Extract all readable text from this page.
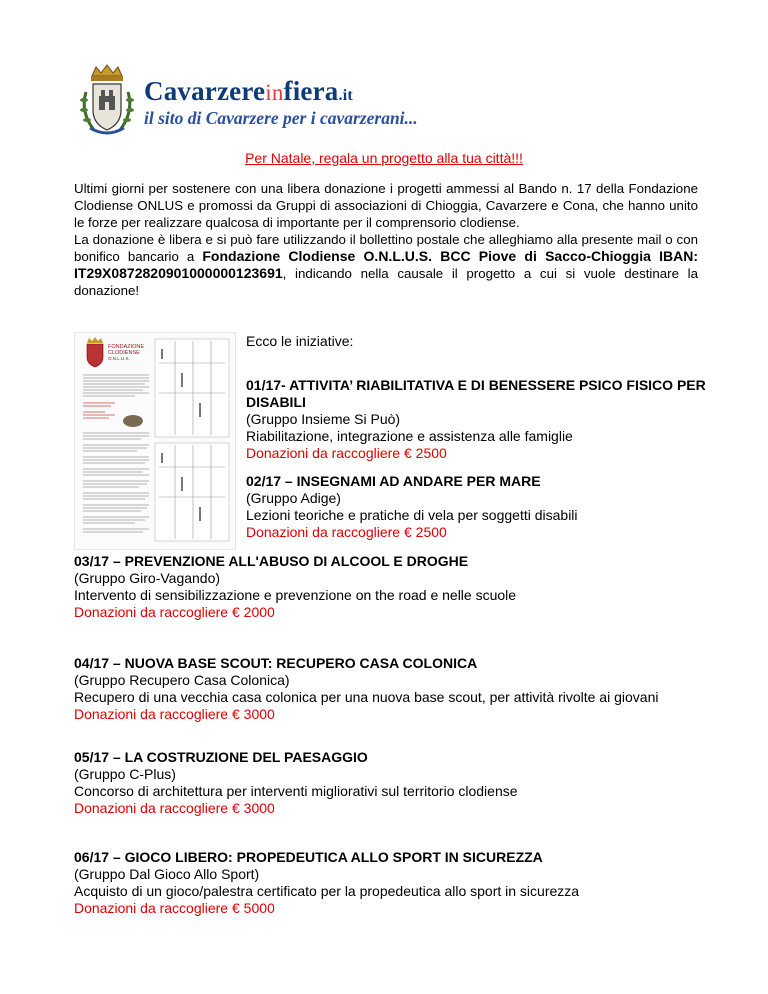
Cavarzereinfiera.it
il sito di Cavarzere per i cavarzerani...
Per Natale, regala un progetto alla tua città!!!

Ultimi giorni per sostenere con una libera donazione i progetti ammessi al Bando n. 17 della Fondazione Clodiense ONLUS e promossi da Gruppi di associazioni di Chioggia, Cavarzere e Cona, che hanno unito le forze per realizzare qualcosa di importante per il comprensorio clodiense.

La donazione è libera e si può fare utilizzando il bollettino postale che alleghiamo alla presente mail o con bonifico bancario a Fondazione Clodiense O.N.L.U.S. BCC Piove di Sacco-Chioggia IBAN: IT29X0872820901000000123691, indicando nella causale il progetto a cui si vuole destinare la donazione!

FONDAZIONE
CLODIENSE
O.N.L.U.S.
Ecco le iniziative:
01/17- ATTIVITA’ RIABILITATIVA E DI BENESSERE PSICO FISICO PER DISABILI
(Gruppo Insieme Si Può)
Riabilitazione, integrazione e assistenza alle famiglie
Donazioni da raccogliere € 2500
02/17 – INSEGNAMI AD ANDARE PER MARE
(Gruppo Adige)
Lezioni teoriche e pratiche di vela per soggetti disabili
Donazioni da raccogliere € 2500
03/17 – PREVENZIONE ALL'ABUSO DI ALCOOL E DROGHE
(Gruppo Giro-Vagando)
Intervento di sensibilizzazione e prevenzione on the road e nelle scuole
Donazioni da raccogliere € 2000
04/17 – NUOVA BASE SCOUT: RECUPERO CASA COLONICA
(Gruppo Recupero Casa Colonica)
Recupero di una vecchia casa colonica per una nuova base scout, per attività rivolte ai giovani
Donazioni da raccogliere € 3000
05/17 – LA COSTRUZIONE DEL PAESAGGIO
(Gruppo C-Plus)
Concorso di architettura per interventi migliorativi sul territorio clodiense
Donazioni da raccogliere € 3000
06/17 – GIOCO LIBERO: PROPEDEUTICA ALLO SPORT IN SICUREZZA
(Gruppo Dal Gioco Allo Sport)
Acquisto di un gioco/palestra certificato per la propedeutica allo sport in sicurezza
Donazioni da raccogliere € 5000
